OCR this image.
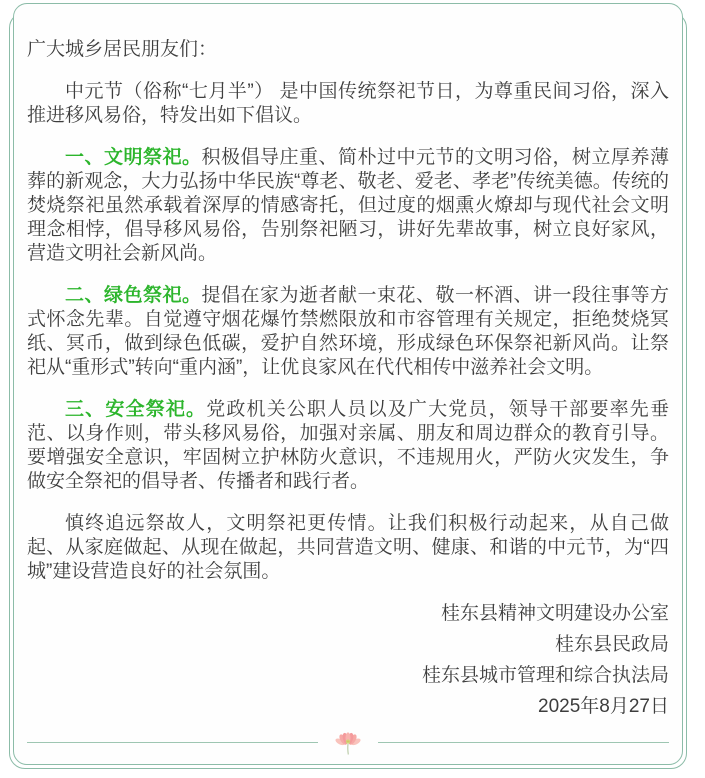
广大城乡居民朋友们：

中元节（俗称“七月半”） 是中国传统祭祀节日，为尊重民间习俗，深入推进移风易俗，特发出如下倡议。

一、文明祭祀。积极倡导庄重、简朴过中元节的文明习俗，树立厚养薄葬的新观念，大力弘扬中华民族“尊老、敬老、爱老、孝老”传统美德。传统的焚烧祭祀虽然承载着深厚的情感寄托，但过度的烟熏火燎却与现代社会文明理念相悖，倡导移风易俗，告别祭祀陋习，讲好先辈故事，树立良好家风，营造文明社会新风尚。

二、绿色祭祀。提倡在家为逝者献一束花、敬一杯酒、讲一段往事等方式怀念先辈。自觉遵守烟花爆竹禁燃限放和市容管理有关规定，拒绝焚烧冥纸、冥币，做到绿色低碳，爱护自然环境，形成绿色环保祭祀新风尚。让祭祀从“重形式”转向“重内涵”，让优良家风在代代相传中滋养社会文明。

三、安全祭祀。党政机关公职人员以及广大党员，领导干部要率先垂范、以身作则，带头移风易俗，加强对亲属、朋友和周边群众的教育引导。要增强安全意识，牢固树立护林防火意识，不违规用火，严防火灾发生，争做安全祭祀的倡导者、传播者和践行者。

慎终追远祭故人，文明祭祀更传情。让我们积极行动起来，从自己做起、从家庭做起、从现在做起，共同营造文明、健康、和谐的中元节，为“四城”建设营造良好的社会氛围。

桂东县精神文明建设办公室

桂东县民政局

桂东县城市管理和综合执法局

2025年8月27日
